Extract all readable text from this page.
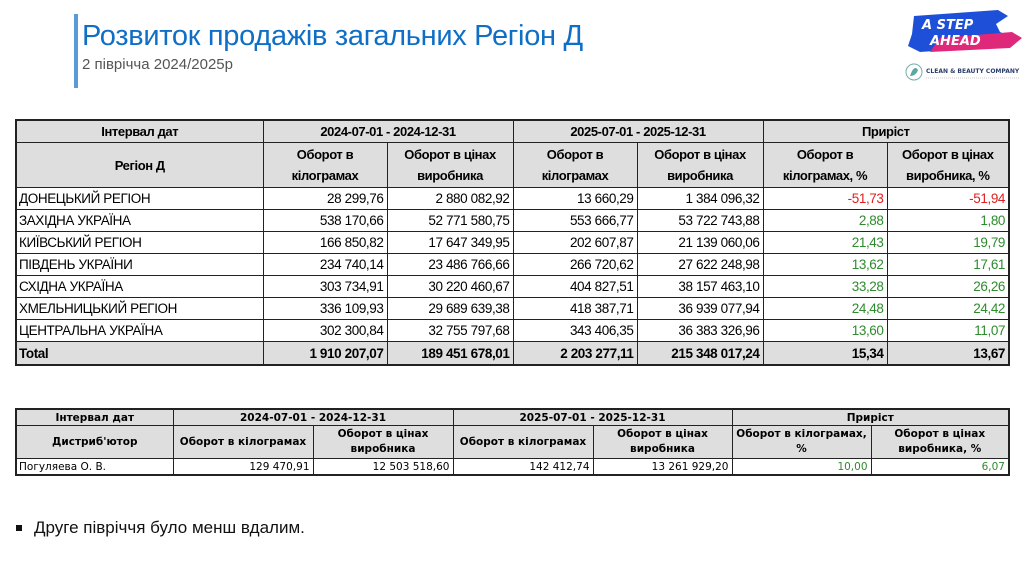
Розвиток продажів загальних Регіон Д
2 піврічча 2024/2025р
A STEP
AHEAD
CLEAN & BEAUTY COMPANY
Інтервал дат	2024-07-01 - 2024-12-31		2025-07-01 - 2025-12-31		Приріст	
Регіон Д	Оборот в кілограмах	Оборот в цінах виробника	Оборот в кілограмах	Оборот в цінах виробника	Оборот в кілограмах, %	Оборот в цінах виробника, %
ДОНЕЦЬКИЙ РЕГІОН	28 299,76	2 880 082,92	13 660,29	1 384 096,32	-51,73	-51,94
ЗАХІДНА УКРАЇНА	538 170,66	52 771 580,75	553 666,77	53 722 743,88	2,88	1,80
КИЇВСЬКИЙ РЕГІОН	166 850,82	17 647 349,95	202 607,87	21 139 060,06	21,43	19,79
ПІВДЕНЬ УКРАЇНИ	234 740,14	23 486 766,66	266 720,62	27 622 248,98	13,62	17,61
СХІДНА УКРАЇНА	303 734,91	30 220 460,67	404 827,51	38 157 463,10	33,28	26,26
ХМЕЛЬНИЦЬКИЙ РЕГІОН	336 109,93	29 689 639,38	418 387,71	36 939 077,94	24,48	24,42
ЦЕНТРАЛЬНА УКРАЇНА	302 300,84	32 755 797,68	343 406,35	36 383 326,96	13,60	11,07
Total	1 910 207,07	189 451 678,01	2 203 277,11	215 348 017,24	15,34	13,67
Інтервал дат	2024-07-01 - 2024-12-31		2025-07-01 - 2025-12-31		Приріст	
Дистриб'ютор	Оборот в кілограмах	Оборот в цінах виробника	Оборот в кілограмах	Оборот в цінах виробника	Оборот в кілограмах, %	Оборот в цінах виробника, %
Погуляева О. В.	129 470,91	12 503 518,60	142 412,74	13 261 929,20	10,00	6,07
Друге півріччя було менш вдалим.
